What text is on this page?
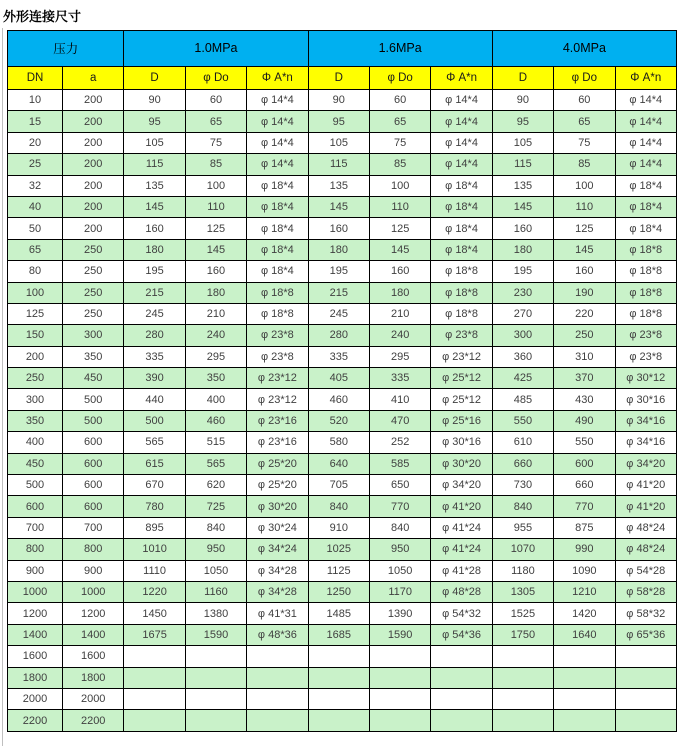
外形连接尺寸
压力		1.0MPa			1.6MPa			4.0MPa		
DN	a	D	φ Do	Φ A*n	D	φ Do	Φ A*n	D	φ Do	Φ A*n
10	200	90	60	φ 14*4	90	60	φ 14*4	90	60	φ 14*4
15	200	95	65	φ 14*4	95	65	φ 14*4	95	65	φ 14*4
20	200	105	75	φ 14*4	105	75	φ 14*4	105	75	φ 14*4
25	200	115	85	φ 14*4	115	85	φ 14*4	115	85	φ 14*4
32	200	135	100	φ 18*4	135	100	φ 18*4	135	100	φ 18*4
40	200	145	110	φ 18*4	145	110	φ 18*4	145	110	φ 18*4
50	200	160	125	φ 18*4	160	125	φ 18*4	160	125	φ 18*4
65	250	180	145	φ 18*4	180	145	φ 18*4	180	145	φ 18*8
80	250	195	160	φ 18*4	195	160	φ 18*8	195	160	φ 18*8
100	250	215	180	φ 18*8	215	180	φ 18*8	230	190	φ 18*8
125	250	245	210	φ 18*8	245	210	φ 18*8	270	220	φ 18*8
150	300	280	240	φ 23*8	280	240	φ 23*8	300	250	φ 23*8
200	350	335	295	φ 23*8	335	295	φ 23*12	360	310	φ 23*8
250	450	390	350	φ 23*12	405	335	φ 25*12	425	370	φ 30*12
300	500	440	400	φ 23*12	460	410	φ 25*12	485	430	φ 30*16
350	500	500	460	φ 23*16	520	470	φ 25*16	550	490	φ 34*16
400	600	565	515	φ 23*16	580	252	φ 30*16	610	550	φ 34*16
450	600	615	565	φ 25*20	640	585	φ 30*20	660	600	φ 34*20
500	600	670	620	φ 25*20	705	650	φ 34*20	730	660	φ 41*20
600	600	780	725	φ 30*20	840	770	φ 41*20	840	770	φ 41*20
700	700	895	840	φ 30*24	910	840	φ 41*24	955	875	φ 48*24
800	800	1010	950	φ 34*24	1025	950	φ 41*24	1070	990	φ 48*24
900	900	1110	1050	φ 34*28	1125	1050	φ 41*28	1180	1090	φ 54*28
1000	1000	1220	1160	φ 34*28	1250	1170	φ 48*28	1305	1210	φ 58*28
1200	1200	1450	1380	φ 41*31	1485	1390	φ 54*32	1525	1420	φ 58*32
1400	1400	1675	1590	φ 48*36	1685	1590	φ 54*36	1750	1640	φ 65*36
1600	1600									
1800	1800									
2000	2000									
2200	2200									
